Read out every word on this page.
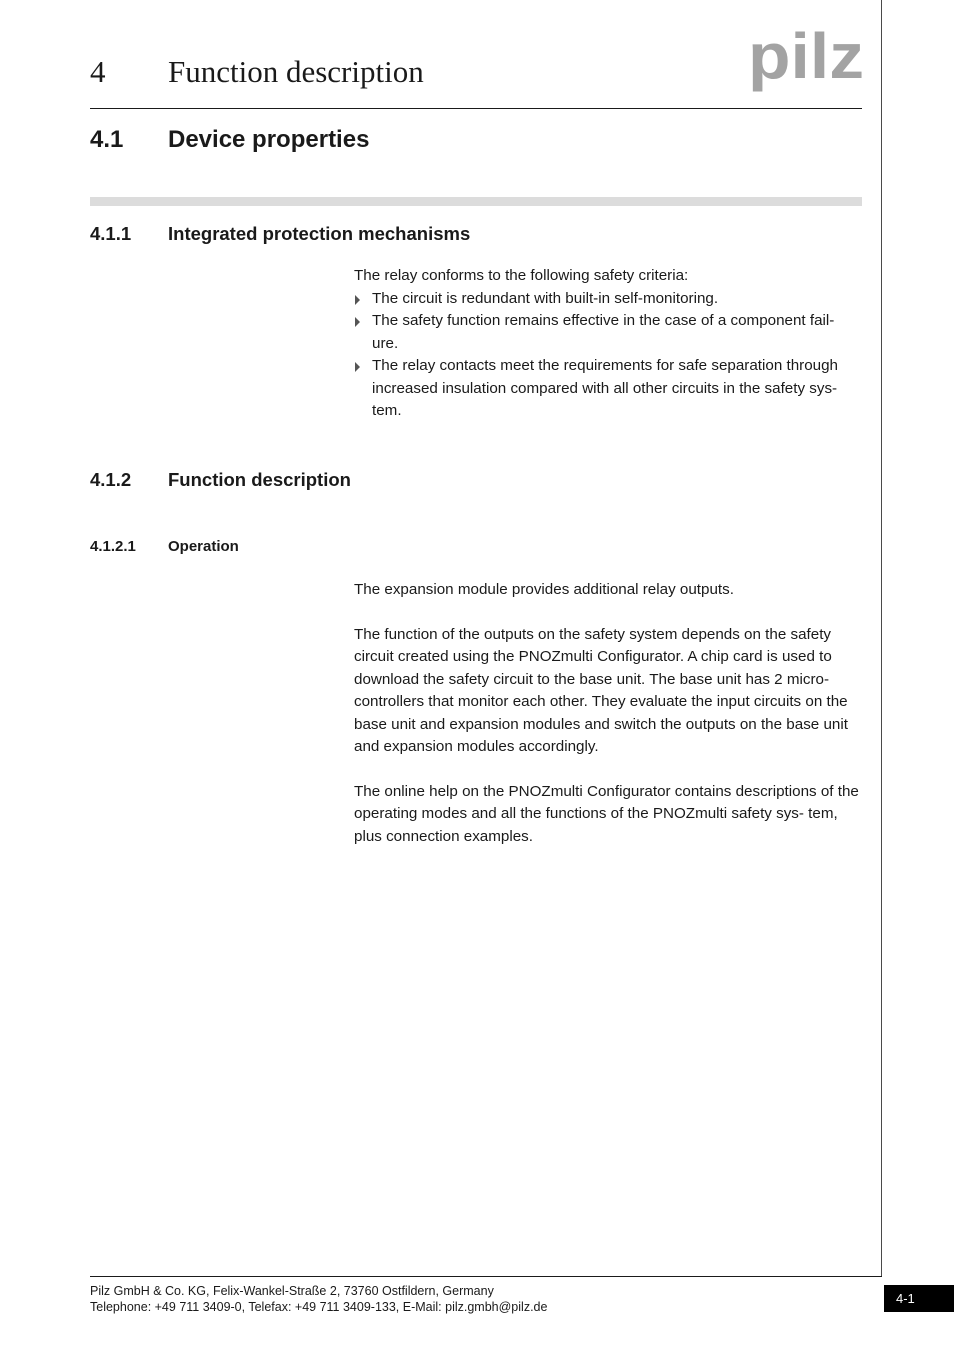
4 Function description	pilz
4.1 Device properties
4.1.1 Integrated protection mechanisms

The relay conforms to the following safety criteria:

The circuit is redundant with built-in self-monitoring.
The safety function remains effective in the case of a component fail- ure.
The relay contacts meet the requirements for safe separation through increased insulation compared with all other circuits in the safety sys- tem.
4.1.2 Function description
4.1.2.1 Operation

The expansion module provides additional relay outputs.

The function of the outputs on the safety system depends on the safety circuit created using the PNOZmulti Configurator. A chip card is used to download the safety circuit to the base unit. The base unit has 2 micro- controllers that monitor each other. They evaluate the input circuits on the base unit and expansion modules and switch the outputs on the base unit and expansion modules accordingly.

The online help on the PNOZmulti Configurator contains descriptions of the operating modes and all the functions of the PNOZmulti safety sys- tem, plus connection examples.

Pilz GmbH & Co. KG, Felix-Wankel-Straße 2, 73760 Ostfildern, Germany
Telephone: +49 711 3409-0, Telefax: +49 711 3409-133, E-Mail: pilz.gmbh@pilz.de
4-1
